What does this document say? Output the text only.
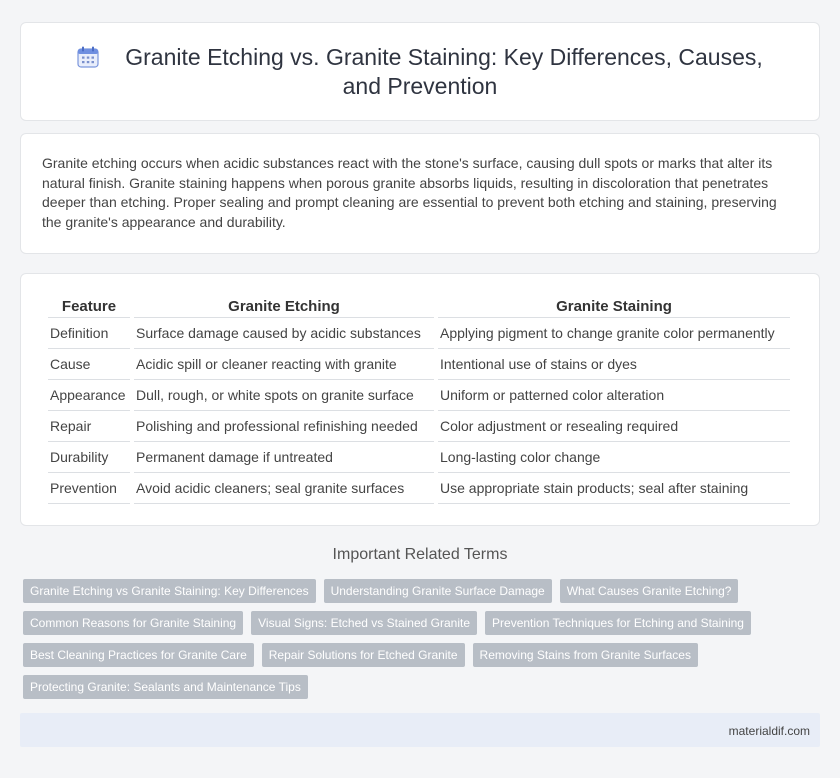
Granite Etching vs. Granite Staining: Key Differences, Causes, and Prevention

Granite etching occurs when acidic substances react with the stone's surface, causing dull spots or marks that alter its natural finish. Granite staining happens when porous granite absorbs liquids, resulting in discoloration that penetrates deeper than etching. Proper sealing and prompt cleaning are essential to prevent both etching and staining, preserving the granite's appearance and durability.

Feature	Granite Etching	Granite Staining
Definition	Surface damage caused by acidic substances	Applying pigment to change granite color permanently
Cause	Acidic spill or cleaner reacting with granite	Intentional use of stains or dyes
Appearance	Dull, rough, or white spots on granite surface	Uniform or patterned color alteration
Repair	Polishing and professional refinishing needed	Color adjustment or resealing required
Durability	Permanent damage if untreated	Long-lasting color change
Prevention	Avoid acidic cleaners; seal granite surfaces	Use appropriate stain products; seal after staining
Important Related Terms
Granite Etching vs Granite Staining: Key Differences	Understanding Granite Surface Damage	What Causes Granite Etching?
Common Reasons for Granite Staining	Visual Signs: Etched vs Stained Granite	Prevention Techniques for Etching and Staining
Best Cleaning Practices for Granite Care	Repair Solutions for Etched Granite	Removing Stains from Granite Surfaces
Protecting Granite: Sealants and Maintenance Tips
materialdif.com
